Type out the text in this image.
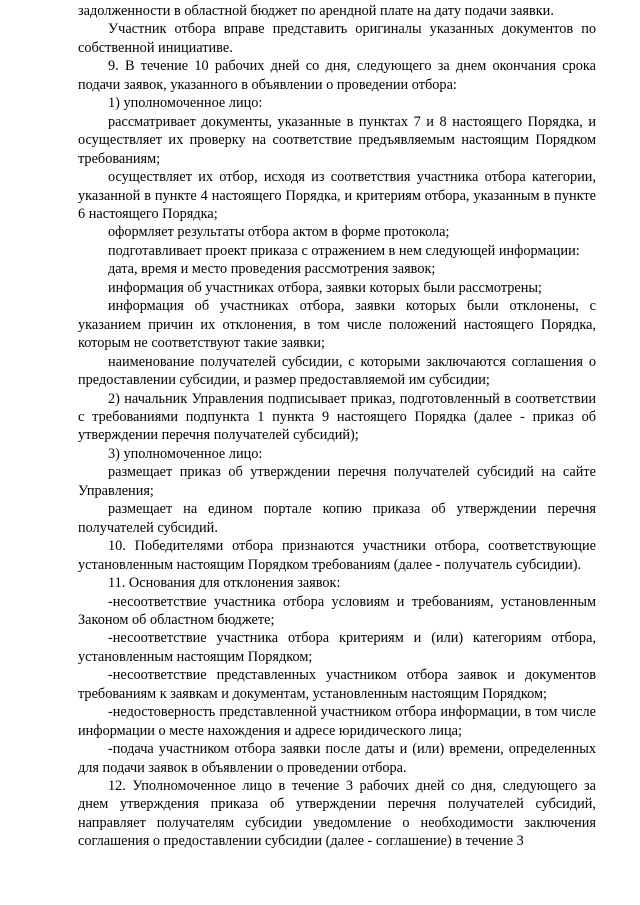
задолженности в областной бюджет по арендной плате на дату подачи заявки.

Участник отбора вправе представить оригиналы указанных документов по собственной инициативе.

9. В течение 10 рабочих дней со дня, следующего за днем окончания срока подачи заявок, указанного в объявлении о проведении отбора:

1) уполномоченное лицо:

рассматривает документы, указанные в пунктах 7 и 8 настоящего Порядка, и осуществляет их проверку на соответствие предъявляемым настоящим Порядком требованиям;

осуществляет их отбор, исходя из соответствия участника отбора категории, указанной в пункте 4 настоящего Порядка, и критериям отбора, указанным в пункте 6 настоящего Порядка;

оформляет результаты отбора актом в форме протокола;

подготавливает проект приказа с отражением в нем следующей информации:

дата, время и место проведения рассмотрения заявок;

информация об участниках отбора, заявки которых были рассмотрены;

информация об участниках отбора, заявки которых были отклонены, с указанием причин их отклонения, в том числе положений настоящего Порядка, которым не соответствуют такие заявки;

наименование получателей субсидии, с которыми заключаются соглашения о предоставлении субсидии, и размер предоставляемой им субсидии;

2) начальник Управления подписывает приказ, подготовленный в соответствии с требованиями подпункта 1 пункта 9 настоящего Порядка (далее - приказ об утверждении перечня получателей субсидий);

3) уполномоченное лицо:

размещает приказ об утверждении перечня получателей субсидий на сайте Управления;

размещает на едином портале копию приказа об утверждении перечня получателей субсидий.

10. Победителями отбора признаются участники отбора, соответствующие установленным настоящим Порядком требованиям (далее - получатель субсидии).

11. Основания для отклонения заявок:

-несоответствие участника отбора условиям и требованиям, установленным Законом об областном бюджете;

-несоответствие участника отбора критериям и (или) категориям отбора, установленным настоящим Порядком;

-несоответствие представленных участником отбора заявок и документов требованиям к заявкам и документам, установленным настоящим Порядком;

-недостоверность представленной участником отбора информации, в том числе информации о месте нахождения и адресе юридического лица;

-подача участником отбора заявки после даты и (или) времени, определенных для подачи заявок в объявлении о проведении отбора.

12. Уполномоченное лицо в течение 3 рабочих дней со дня, следующего за днем утверждения приказа об утверждении перечня получателей субсидий, направляет получателям субсидии уведомление о необходимости заключения соглашения о предоставлении субсидии (далее - соглашение) в течение 3
